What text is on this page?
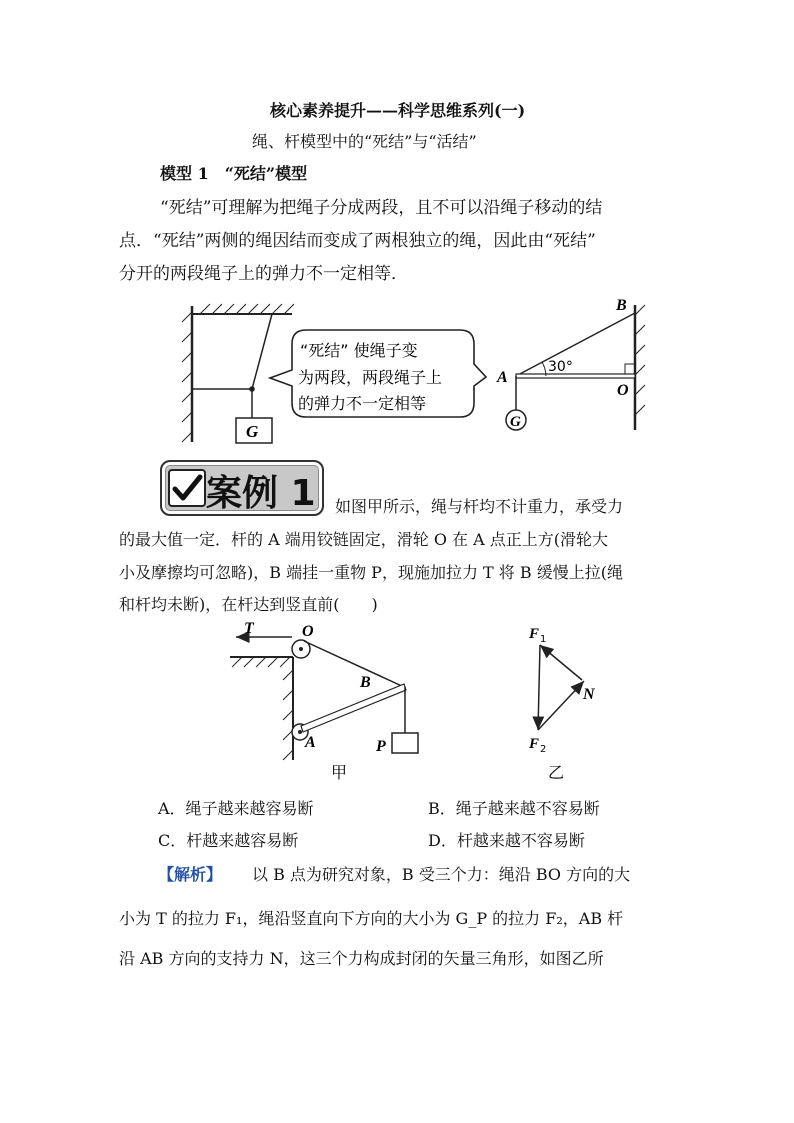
核心素养提升——科学思维系列(一)
绳、杆模型中的“死结”与“活结”
模型 1　“死结”模型
“死结”可理解为把绳子分成两段，且不可以沿绳子移动的结
点．“死结”两侧的绳因结而变成了两根独立的绳，因此由“死结”
分开的两段绳子上的弹力不一定相等．
G
“死结” 使绳子变
为两段，两段绳子上
的弹力不一定相等
G
A
B
O
30°
案例 1 如图甲所示，绳与杆均不计重力，承受力
的最大值一定．杆的 A 端用铰链固定，滑轮 O 在 A 点正上方(滑轮大
小及摩擦均可忽略)，B 端挂一重物 P，现施加拉力 T 将 B 缓慢上拉(绳
和杆均未断)，在杆达到竖直前(　　)
T	O
B
A	P
甲
F 1
F 2
N
乙
A．绳子越来越容易断	B．绳子越来越不容易断
C．杆越来越容易断	D．杆越来越不容易断
【解析】 以 B 点为研究对象，B 受三个力：绳沿 BO 方向的大
小为 T 的拉力 F₁，绳沿竖直向下方向的大小为 G_P 的拉力 F₂，AB 杆
沿 AB 方向的支持力 N，这三个力构成封闭的矢量三角形，如图乙所
